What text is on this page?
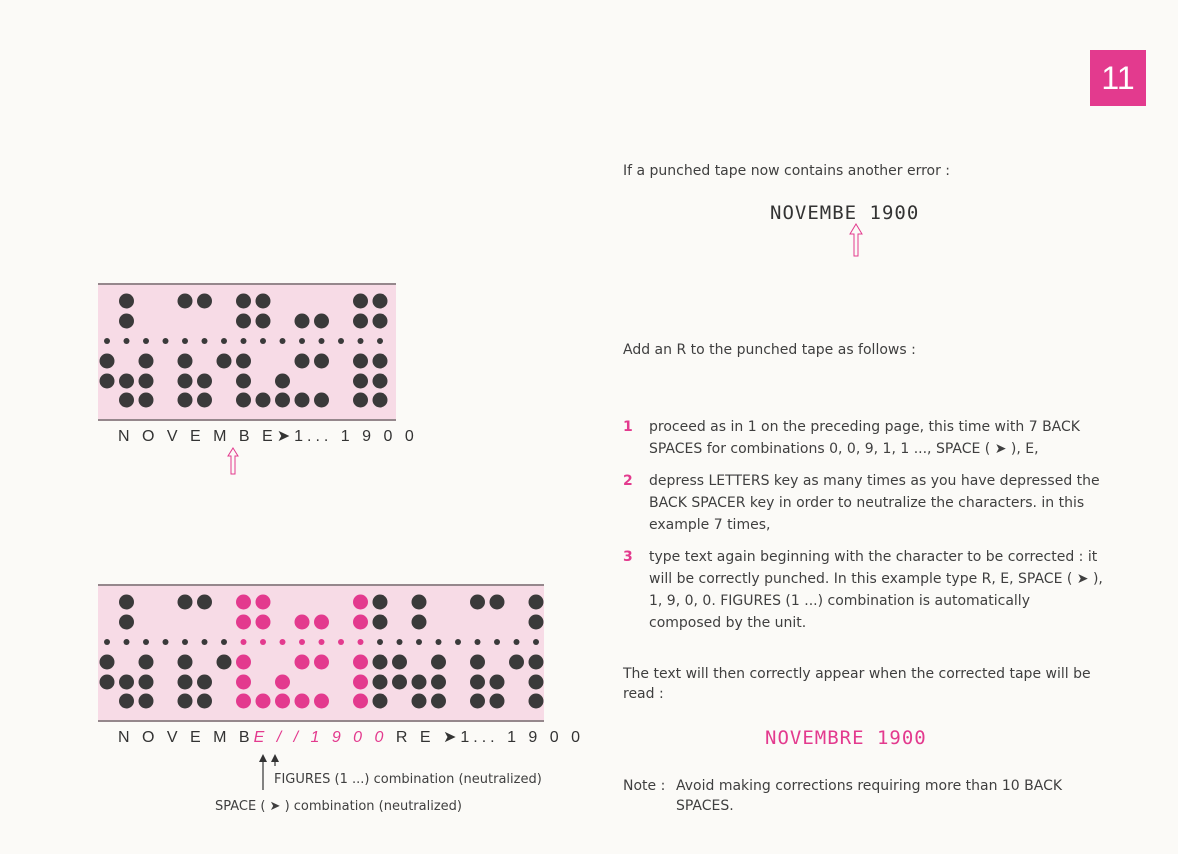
11
If a punched tape now contains another error :
NOVEMBE 1900
Add an R to the punched tape as follows :
1 proceed as in 1 on the preceding page, this time with 7 BACK SPACES for combinations 0, 0, 9, 1, 1 ..., SPACE ( ➤ ), E,
2 depress LETTERS key as many times as you have depressed the BACK SPACER key in order to neutralize the characters. in this example 7 times,
3 type text again beginning with the character to be corrected : it will be correctly punched. In this example type R, E, SPACE ( ➤ ), 1, 9, 0, 0. FIGURES (1 ...) combination is automatically composed by the unit.
The text will then correctly appear when the corrected tape will be read :
NOVEMBRE 1900
Note : Avoid making corrections requiring more than 10 BACK SPACES.
N O V E M B E➤1... 1 9 0 0
N O V E M BE / / 1 9 0 0 R E ➤1... 1 9 0 0
FIGURES (1 ...) combination (neutralized)
SPACE ( ➤ ) combination (neutralized)
